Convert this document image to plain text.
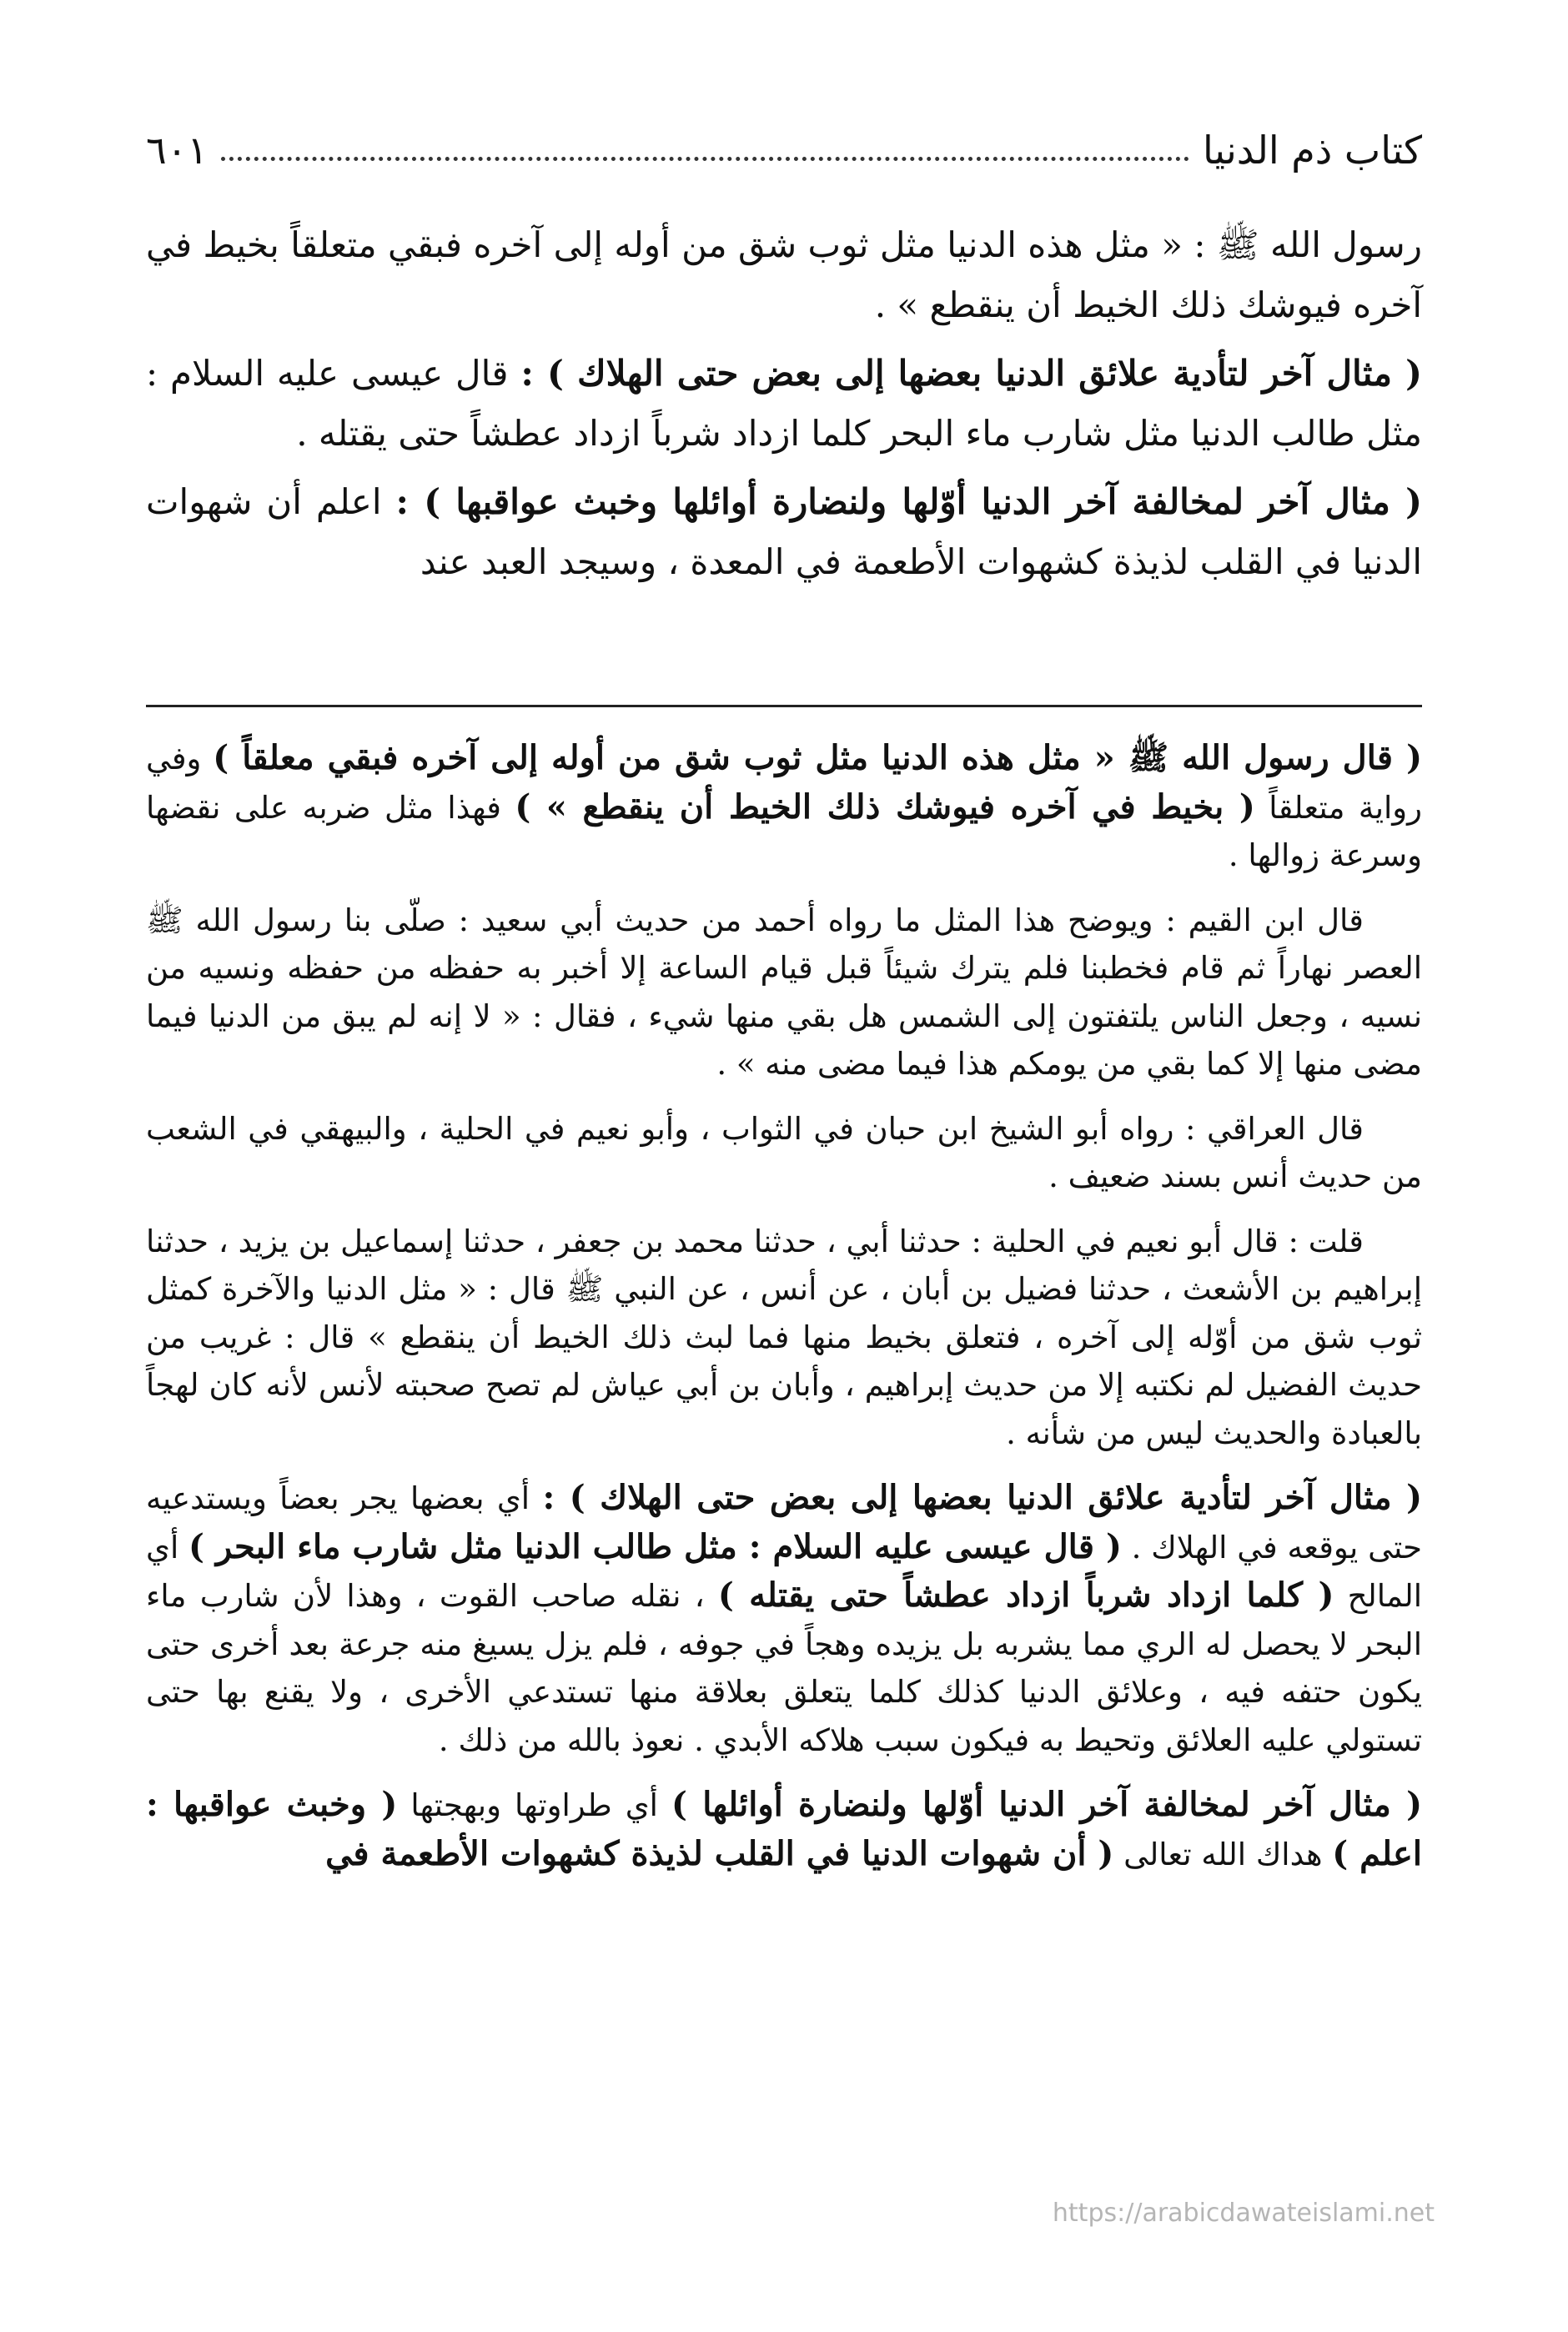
كتاب ذم الدنيا
٦٠١

رسول الله ﷺ : « مثل هذه الدنيا مثل ثوب شق من أوله إلى آخره فبقي متعلقاً بخيط في آخره فيوشك ذلك الخيط أن ينقطع » .

( مثال آخر لتأدية علائق الدنيا بعضها إلى بعض حتى الهلاك ) : قال عيسى عليه السلام : مثل طالب الدنيا مثل شارب ماء البحر كلما ازداد شرباً ازداد عطشاً حتى يقتله .

( مثال آخر لمخالفة آخر الدنيا أوّلها ولنضارة أوائلها وخبث عواقبها ) : اعلم أن شهوات الدنيا في القلب لذيذة كشهوات الأطعمة في المعدة ، وسيجد العبد عند

( قال رسول الله ﷺ « مثل هذه الدنيا مثل ثوب شق من أوله إلى آخره فبقي معلقاً ) وفي رواية متعلقاً ( بخيط في آخره فيوشك ذلك الخيط أن ينقطع » ) فهذا مثل ضربه على نقضها وسرعة زوالها .

قال ابن القيم : ويوضح هذا المثل ما رواه أحمد من حديث أبي سعيد : صلّى بنا رسول الله ﷺ العصر نهاراً ثم قام فخطبنا فلم يترك شيئاً قبل قيام الساعة إلا أخبر به حفظه من حفظه ونسيه من نسيه ، وجعل الناس يلتفتون إلى الشمس هل بقي منها شيء ، فقال : « لا إنه لم يبق من الدنيا فيما مضى منها إلا كما بقي من يومكم هذا فيما مضى منه » .

قال العراقي : رواه أبو الشيخ ابن حبان في الثواب ، وأبو نعيم في الحلية ، والبيهقي في الشعب من حديث أنس بسند ضعيف .

قلت : قال أبو نعيم في الحلية : حدثنا أبي ، حدثنا محمد بن جعفر ، حدثنا إسماعيل بن يزيد ، حدثنا إبراهيم بن الأشعث ، حدثنا فضيل بن أبان ، عن أنس ، عن النبي ﷺ قال : « مثل الدنيا والآخرة كمثل ثوب شق من أوّله إلى آخره ، فتعلق بخيط منها فما لبث ذلك الخيط أن ينقطع » قال : غريب من حديث الفضيل لم نكتبه إلا من حديث إبراهيم ، وأبان بن أبي عياش لم تصح صحبته لأنس لأنه كان لهجاً بالعبادة والحديث ليس من شأنه .

( مثال آخر لتأدية علائق الدنيا بعضها إلى بعض حتى الهلاك ) : أي بعضها يجر بعضاً ويستدعيه حتى يوقعه في الهلاك . ( قال عيسى عليه السلام : مثل طالب الدنيا مثل شارب ماء البحر ) أي المالح ( كلما ازداد شرباً ازداد عطشاً حتى يقتله ) ، نقله صاحب القوت ، وهذا لأن شارب ماء البحر لا يحصل له الري مما يشربه بل يزيده وهجاً في جوفه ، فلم يزل يسيغ منه جرعة بعد أخرى حتى يكون حتفه فيه ، وعلائق الدنيا كذلك كلما يتعلق بعلاقة منها تستدعي الأخرى ، ولا يقنع بها حتى تستولي عليه العلائق وتحيط به فيكون سبب هلاكه الأبدي . نعوذ بالله من ذلك .

( مثال آخر لمخالفة آخر الدنيا أوّلها ولنضارة أوائلها ) أي طراوتها وبهجتها ( وخبث عواقبها : اعلم ) هداك الله تعالى ( أن شهوات الدنيا في القلب لذيذة كشهوات الأطعمة في

https://arabicdawateislami.net
